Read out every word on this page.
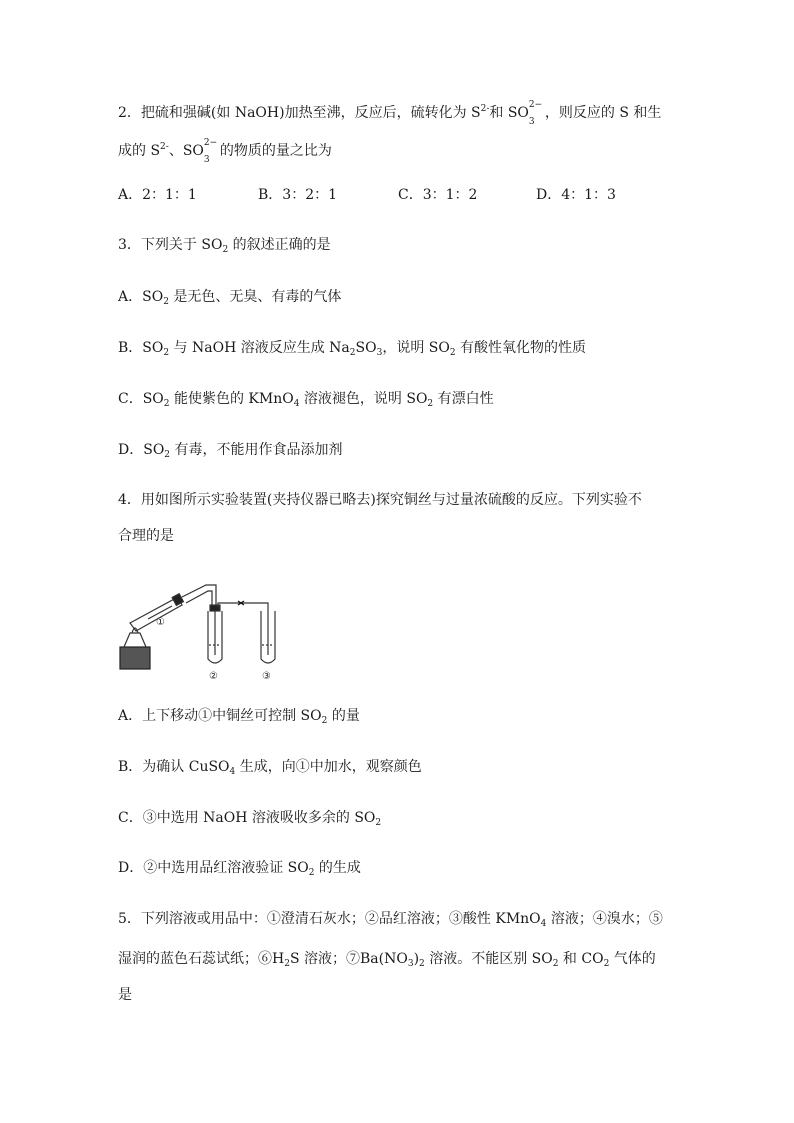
2．把硫和强碱(如 NaOH)加热至沸，反应后，硫转化为 $S^{2-}$和 SO 2−
3
，则反应的 S 和生
成的 $S^{2-}$、SO 2−
3
的物质的量之比为
A．2：1：1	B．3：2：1	C．3：1：2	D．4：1：3
3．下列关于 $SO_2$ 的叙述正确的是
A．$SO_2$ 是无色、无臭、有毒的气体
B．$SO_2$ 与 NaOH 溶液反应生成 $Na_2SO_3$，说明 $SO_2$ 有酸性氧化物的性质
C．$SO_2$ 能使紫色的 KMnO$_4$ 溶液褪色，说明 $SO_2$ 有漂白性
D．$SO_2$ 有毒，不能用作食品添加剂
4．用如图所示实验装置(夹持仪器已略去)探究铜丝与过量浓硫酸的反应。下列实验不
合理的是
①
②	③
A．上下移动①中铜丝可控制 $SO_2$ 的量
B．为确认 CuSO$_4$ 生成，向①中加水，观察颜色
C．③中选用 NaOH 溶液吸收多余的 $SO_2$
D．②中选用品红溶液验证 $SO_2$ 的生成
5．下列溶液或用品中：①澄清石灰水；②品红溶液；③酸性 KMnO$_4$ 溶液；④溴水；⑤
湿润的蓝色石蕊试纸；$⑥H_2S$ 溶液；$⑦Ba(NO_3)_2$ 溶液。不能区别 $SO_2$ 和 $CO_2$ 气体的
是
